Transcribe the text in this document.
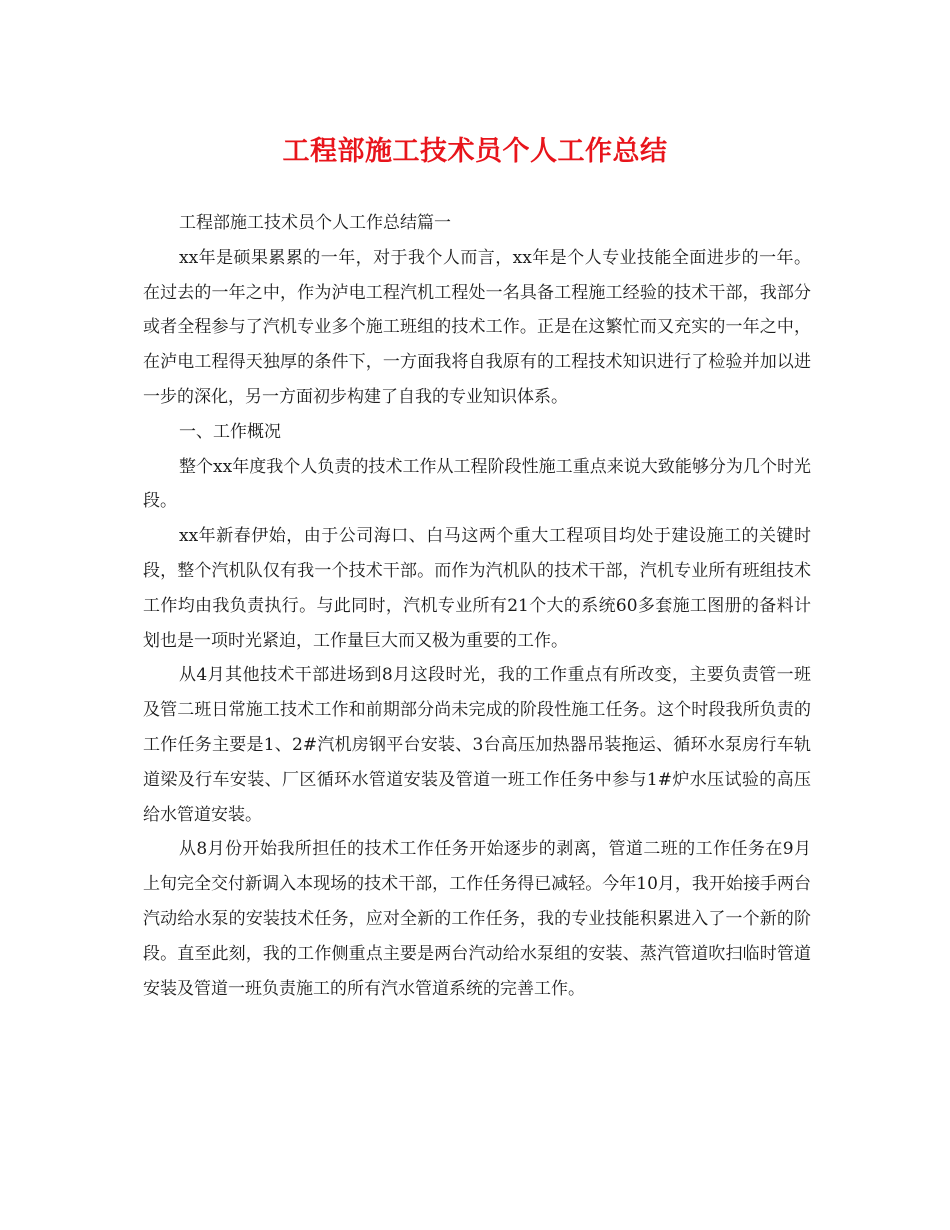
工程部施工技术员个人工作总结

工程部施工技术员个人工作总结篇一

xx年是硕果累累的一年，对于我个人而言，xx年是个人专业技能全面进步的一年。在过去的一年之中，作为泸电工程汽机工程处一名具备工程施工经验的技术干部，我部分或者全程参与了汽机专业多个施工班组的技术工作。正是在这繁忙而又充实的一年之中，在泸电工程得天独厚的条件下，一方面我将自我原有的工程技术知识进行了检验并加以进一步的深化，另一方面初步构建了自我的专业知识体系。

一、工作概况

整个xx年度我个人负责的技术工作从工程阶段性施工重点来说大致能够分为几个时光段。

xx年新春伊始，由于公司海口、白马这两个重大工程项目均处于建设施工的关键时段，整个汽机队仅有我一个技术干部。而作为汽机队的技术干部，汽机专业所有班组技术工作均由我负责执行。与此同时，汽机专业所有21个大的系统60多套施工图册的备料计划也是一项时光紧迫，工作量巨大而又极为重要的工作。

从4月其他技术干部进场到8月这段时光，我的工作重点有所改变，主要负责管一班及管二班日常施工技术工作和前期部分尚未完成的阶段性施工任务。这个时段我所负责的工作任务主要是1、2#汽机房钢平台安装、3台高压加热器吊装拖运、循环水泵房行车轨道梁及行车安装、厂区循环水管道安装及管道一班工作任务中参与1#炉水压试验的高压给水管道安装。

从8月份开始我所担任的技术工作任务开始逐步的剥离，管道二班的工作任务在9月上旬完全交付新调入本现场的技术干部，工作任务得已减轻。今年10月，我开始接手两台汽动给水泵的安装技术任务，应对全新的工作任务，我的专业技能积累进入了一个新的阶段。直至此刻，我的工作侧重点主要是两台汽动给水泵组的安装、蒸汽管道吹扫临时管道安装及管道一班负责施工的所有汽水管道系统的完善工作。
